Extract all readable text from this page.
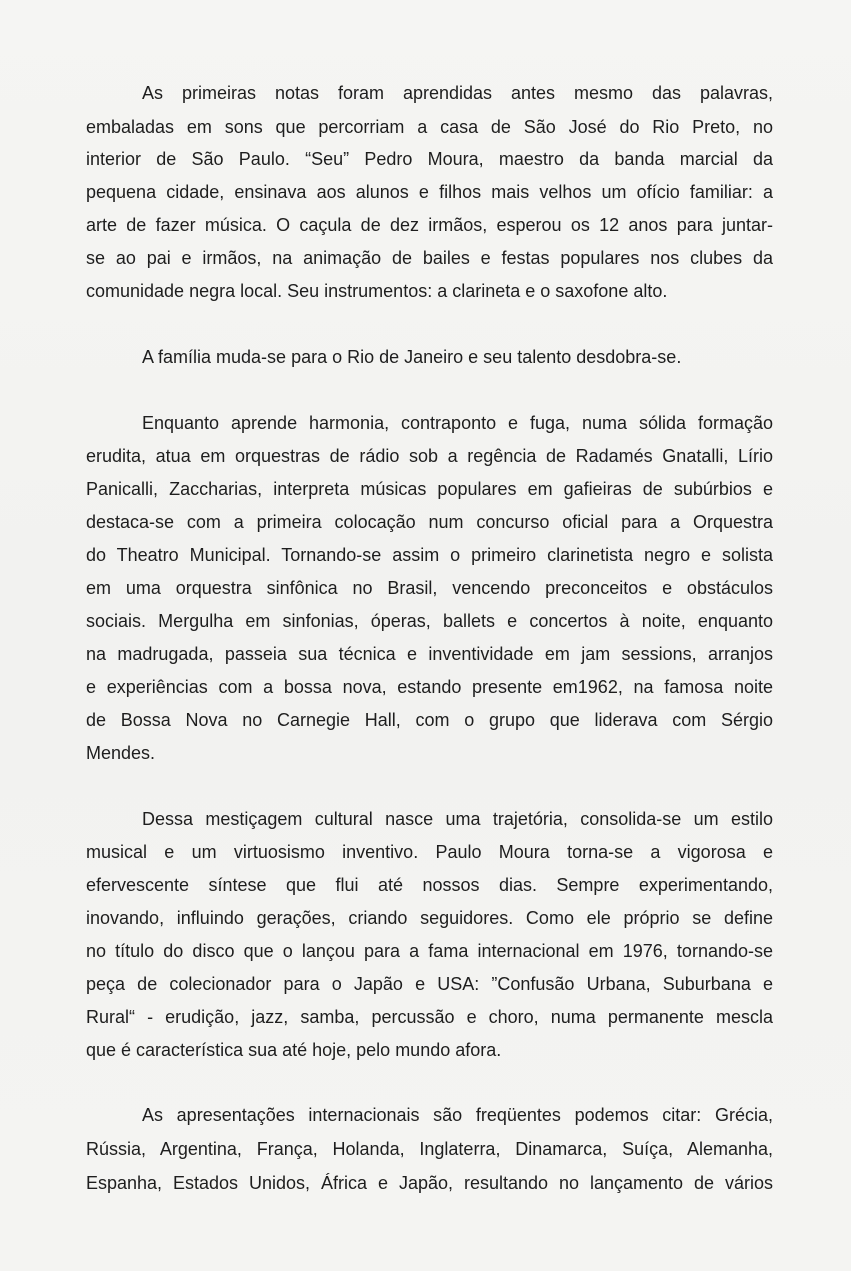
As primeiras notas foram aprendidas antes mesmo das palavras,
embaladas em sons que percorriam a casa de São José do Rio Preto, no
interior de São Paulo. “Seu” Pedro Moura, maestro da banda marcial da
pequena cidade, ensinava aos alunos e filhos mais velhos um ofício familiar: a
arte de fazer música. O caçula de dez irmãos, esperou os 12 anos para juntar-
se ao pai e irmãos, na animação de bailes e festas populares nos clubes da
comunidade negra local. Seu instrumentos: a clarineta e o saxofone alto.
A família muda-se para o Rio de Janeiro e seu talento desdobra-se.
Enquanto aprende harmonia, contraponto e fuga, numa sólida formação
erudita, atua em orquestras de rádio sob a regência de Radamés Gnatalli, Lírio
Panicalli, Zaccharias, interpreta músicas populares em gafieiras de subúrbios e
destaca-se com a primeira colocação num concurso oficial para a Orquestra
do Theatro Municipal. Tornando-se assim o primeiro clarinetista negro e solista
em uma orquestra sinfônica no Brasil, vencendo preconceitos e obstáculos
sociais. Mergulha em sinfonias, óperas, ballets e concertos à noite, enquanto
na madrugada, passeia sua técnica e inventividade em jam sessions, arranjos
e experiências com a bossa nova, estando presente em1962, na famosa noite
de Bossa Nova no Carnegie Hall, com o grupo que liderava com Sérgio
Mendes.
Dessa mestiçagem cultural nasce uma trajetória, consolida-se um estilo
musical e um virtuosismo inventivo. Paulo Moura torna-se a vigorosa e
efervescente síntese que flui até nossos dias. Sempre experimentando,
inovando, influindo gerações, criando seguidores. Como ele próprio se define
no título do disco que o lançou para a fama internacional em 1976, tornando-se
peça de colecionador para o Japão e USA: ”Confusão Urbana, Suburbana e
Rural“ - erudição, jazz, samba, percussão e choro, numa permanente mescla
que é característica sua até hoje, pelo mundo afora.
As apresentações internacionais são freqüentes podemos citar: Grécia,
Rússia, Argentina, França, Holanda, Inglaterra, Dinamarca, Suíça, Alemanha,
Espanha, Estados Unidos, África e Japão, resultando no lançamento de vários
